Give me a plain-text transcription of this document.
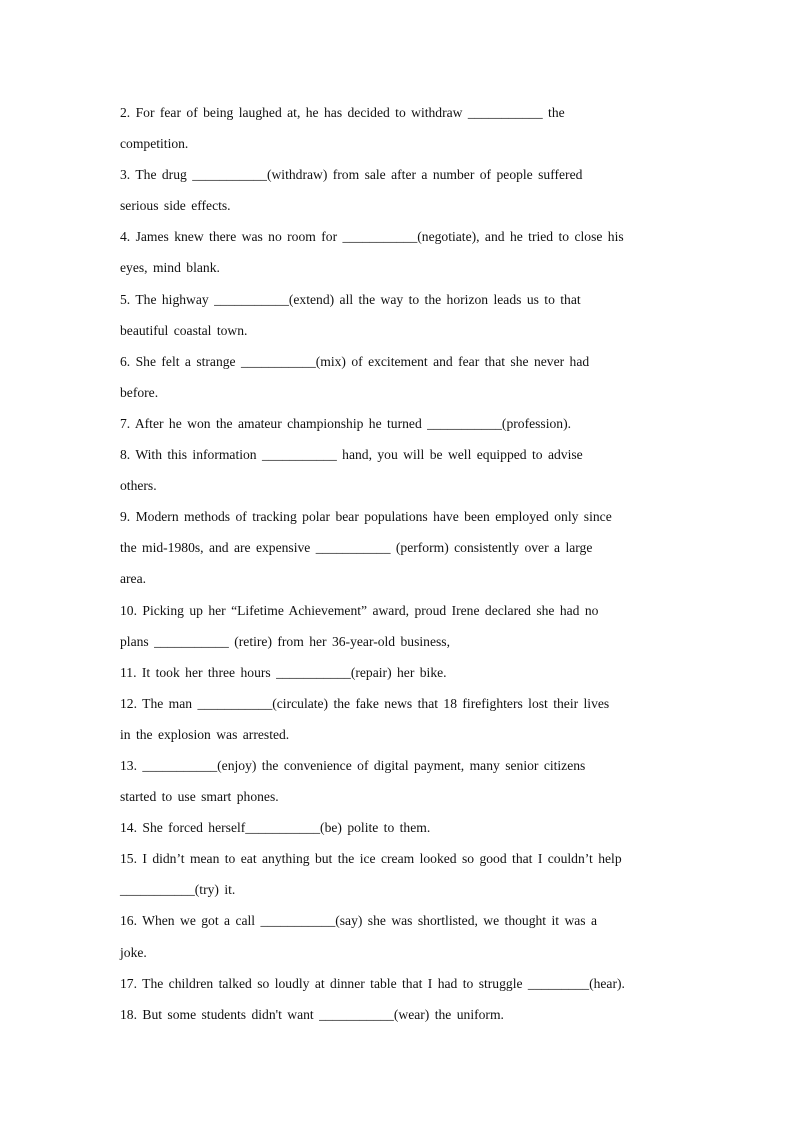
2. For fear of being laughed at, he has decided to withdraw ___________ the
competition.
3. The drug ___________(withdraw) from sale after a number of people suffered
serious side effects.
4. James knew there was no room for ___________(negotiate), and he tried to close his
eyes, mind blank.
5. The highway ___________(extend) all the way to the horizon leads us to that
beautiful coastal town.
6. She felt a strange ___________(mix) of excitement and fear that she never had
before.
7. After he won the amateur championship he turned ___________(profession).
8. With this information ___________ hand, you will be well equipped to advise
others.
9. Modern methods of tracking polar bear populations have been employed only since
the mid-1980s, and are expensive ___________ (perform) consistently over a large
area.
10. Picking up her “Lifetime Achievement” award, proud Irene declared she had no
plans ___________ (retire) from her 36-year-old business,
11. It took her three hours ___________(repair) her bike.
12. The man ___________(circulate) the fake news that 18 firefighters lost their lives
in the explosion was arrested.
13. ___________(enjoy) the convenience of digital payment, many senior citizens
started to use smart phones.
14. She forced herself___________(be) polite to them.
15. I didn’t mean to eat anything but the ice cream looked so good that I couldn’t help
___________(try) it.
16. When we got a call ___________(say) she was shortlisted, we thought it was a
joke.
17. The children talked so loudly at dinner table that I had to struggle _________(hear).
18. But some students didn't want ___________(wear) the uniform.
